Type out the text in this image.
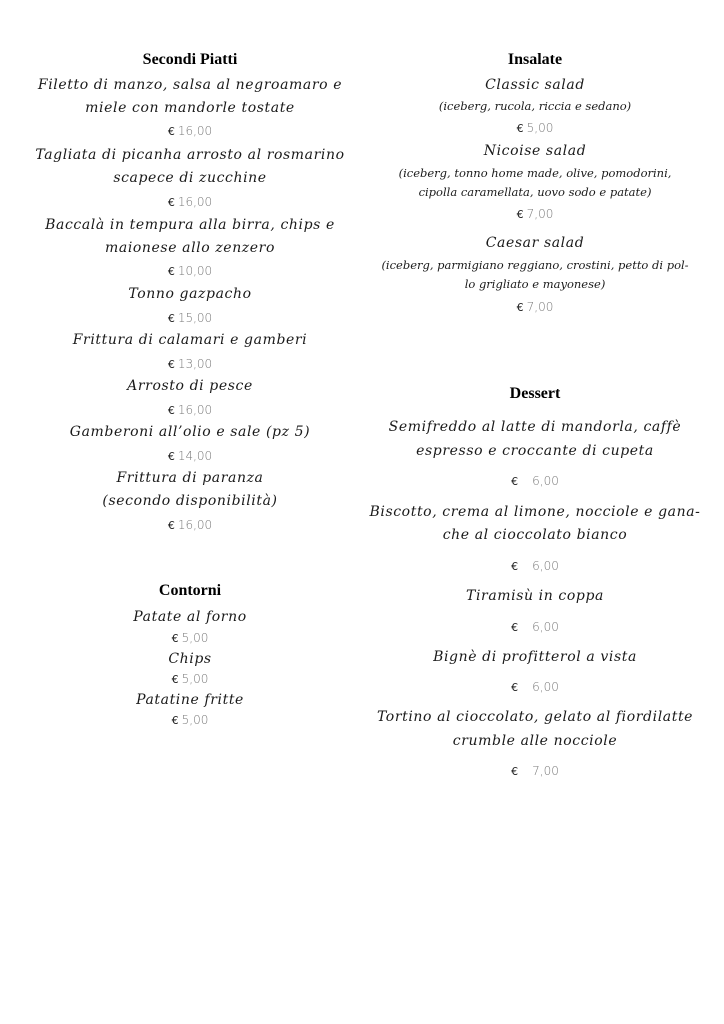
Secondi Piatti
Filetto di manzo, salsa al negroamaro e
miele con mandorle tostate
€ 16,00
Tagliata di picanha arrosto al rosmarino
scapece di zucchine
€ 16,00
Baccalà in tempura alla birra, chips e
maionese allo zenzero
€ 10,00
Tonno gazpacho
€ 15,00
Frittura di calamari e gamberi
€ 13,00
Arrosto di pesce
€ 16,00
Gamberoni all’olio e sale (pz 5)
€ 14,00
Frittura di paranza
(secondo disponibilità)
€ 16,00
Contorni
Patate al forno
€ 5,00
Chips
€ 5,00
Patatine fritte
€ 5,00
Insalate
Classic salad
(iceberg, rucola, riccia e sedano)
€ 5,00
Nicoise salad
(iceberg, tonno home made, olive, pomodorini,
cipolla caramellata, uovo sodo e patate)
€ 7,00
Caesar salad
(iceberg, parmigiano reggiano, crostini, petto di pol-
lo grigliato e mayonese)
€ 7,00
Dessert
Semifreddo al latte di mandorla, caffè
espresso e croccante di cupeta
€ 6,00
Biscotto, crema al limone, nocciole e gana-
che al cioccolato bianco
€ 6,00
Tiramisù in coppa
€ 6,00
Bignè di profitterol a vista
€ 6,00
Tortino al cioccolato, gelato al fiordilatte
crumble alle nocciole
€ 7,00
